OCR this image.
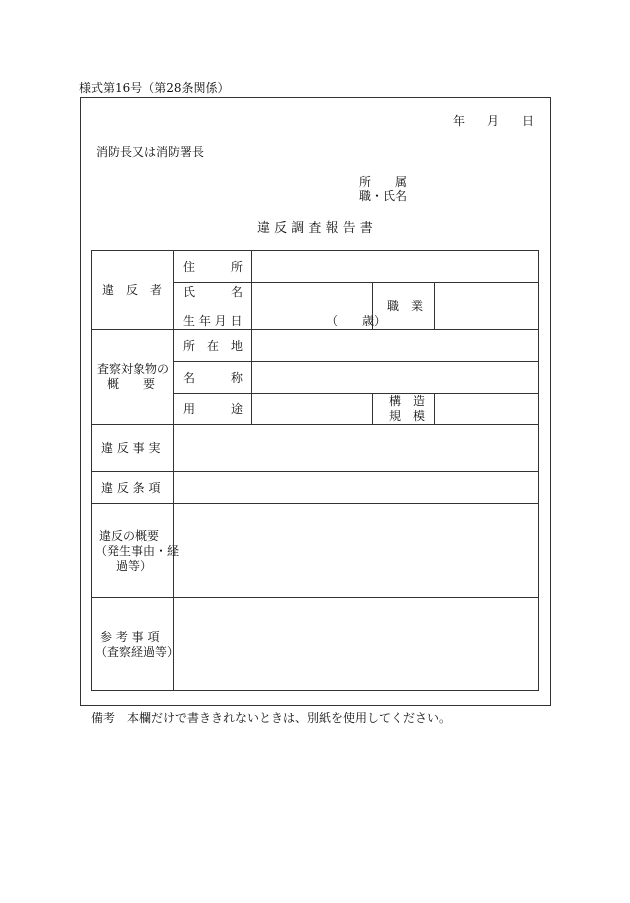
様式第16号（第28条関係）
年 月 日
消防長又は消防署長
所　　属
職・氏名
違 反 調 査 報 告 書
違　反　者
住　　　所
氏　　　名
生 年 月 日	（　　歳）
職　業
査察対象物の
概　　要
所　在　地
名　　　称
用　　　途
構　造
規　模
違 反 事 実
違 反 条 項
違反の概要
（発生事由・経
過等）
参 考 事 項
（査察経過等）
備考　本欄だけで書ききれないときは、別紙を使用してください。
